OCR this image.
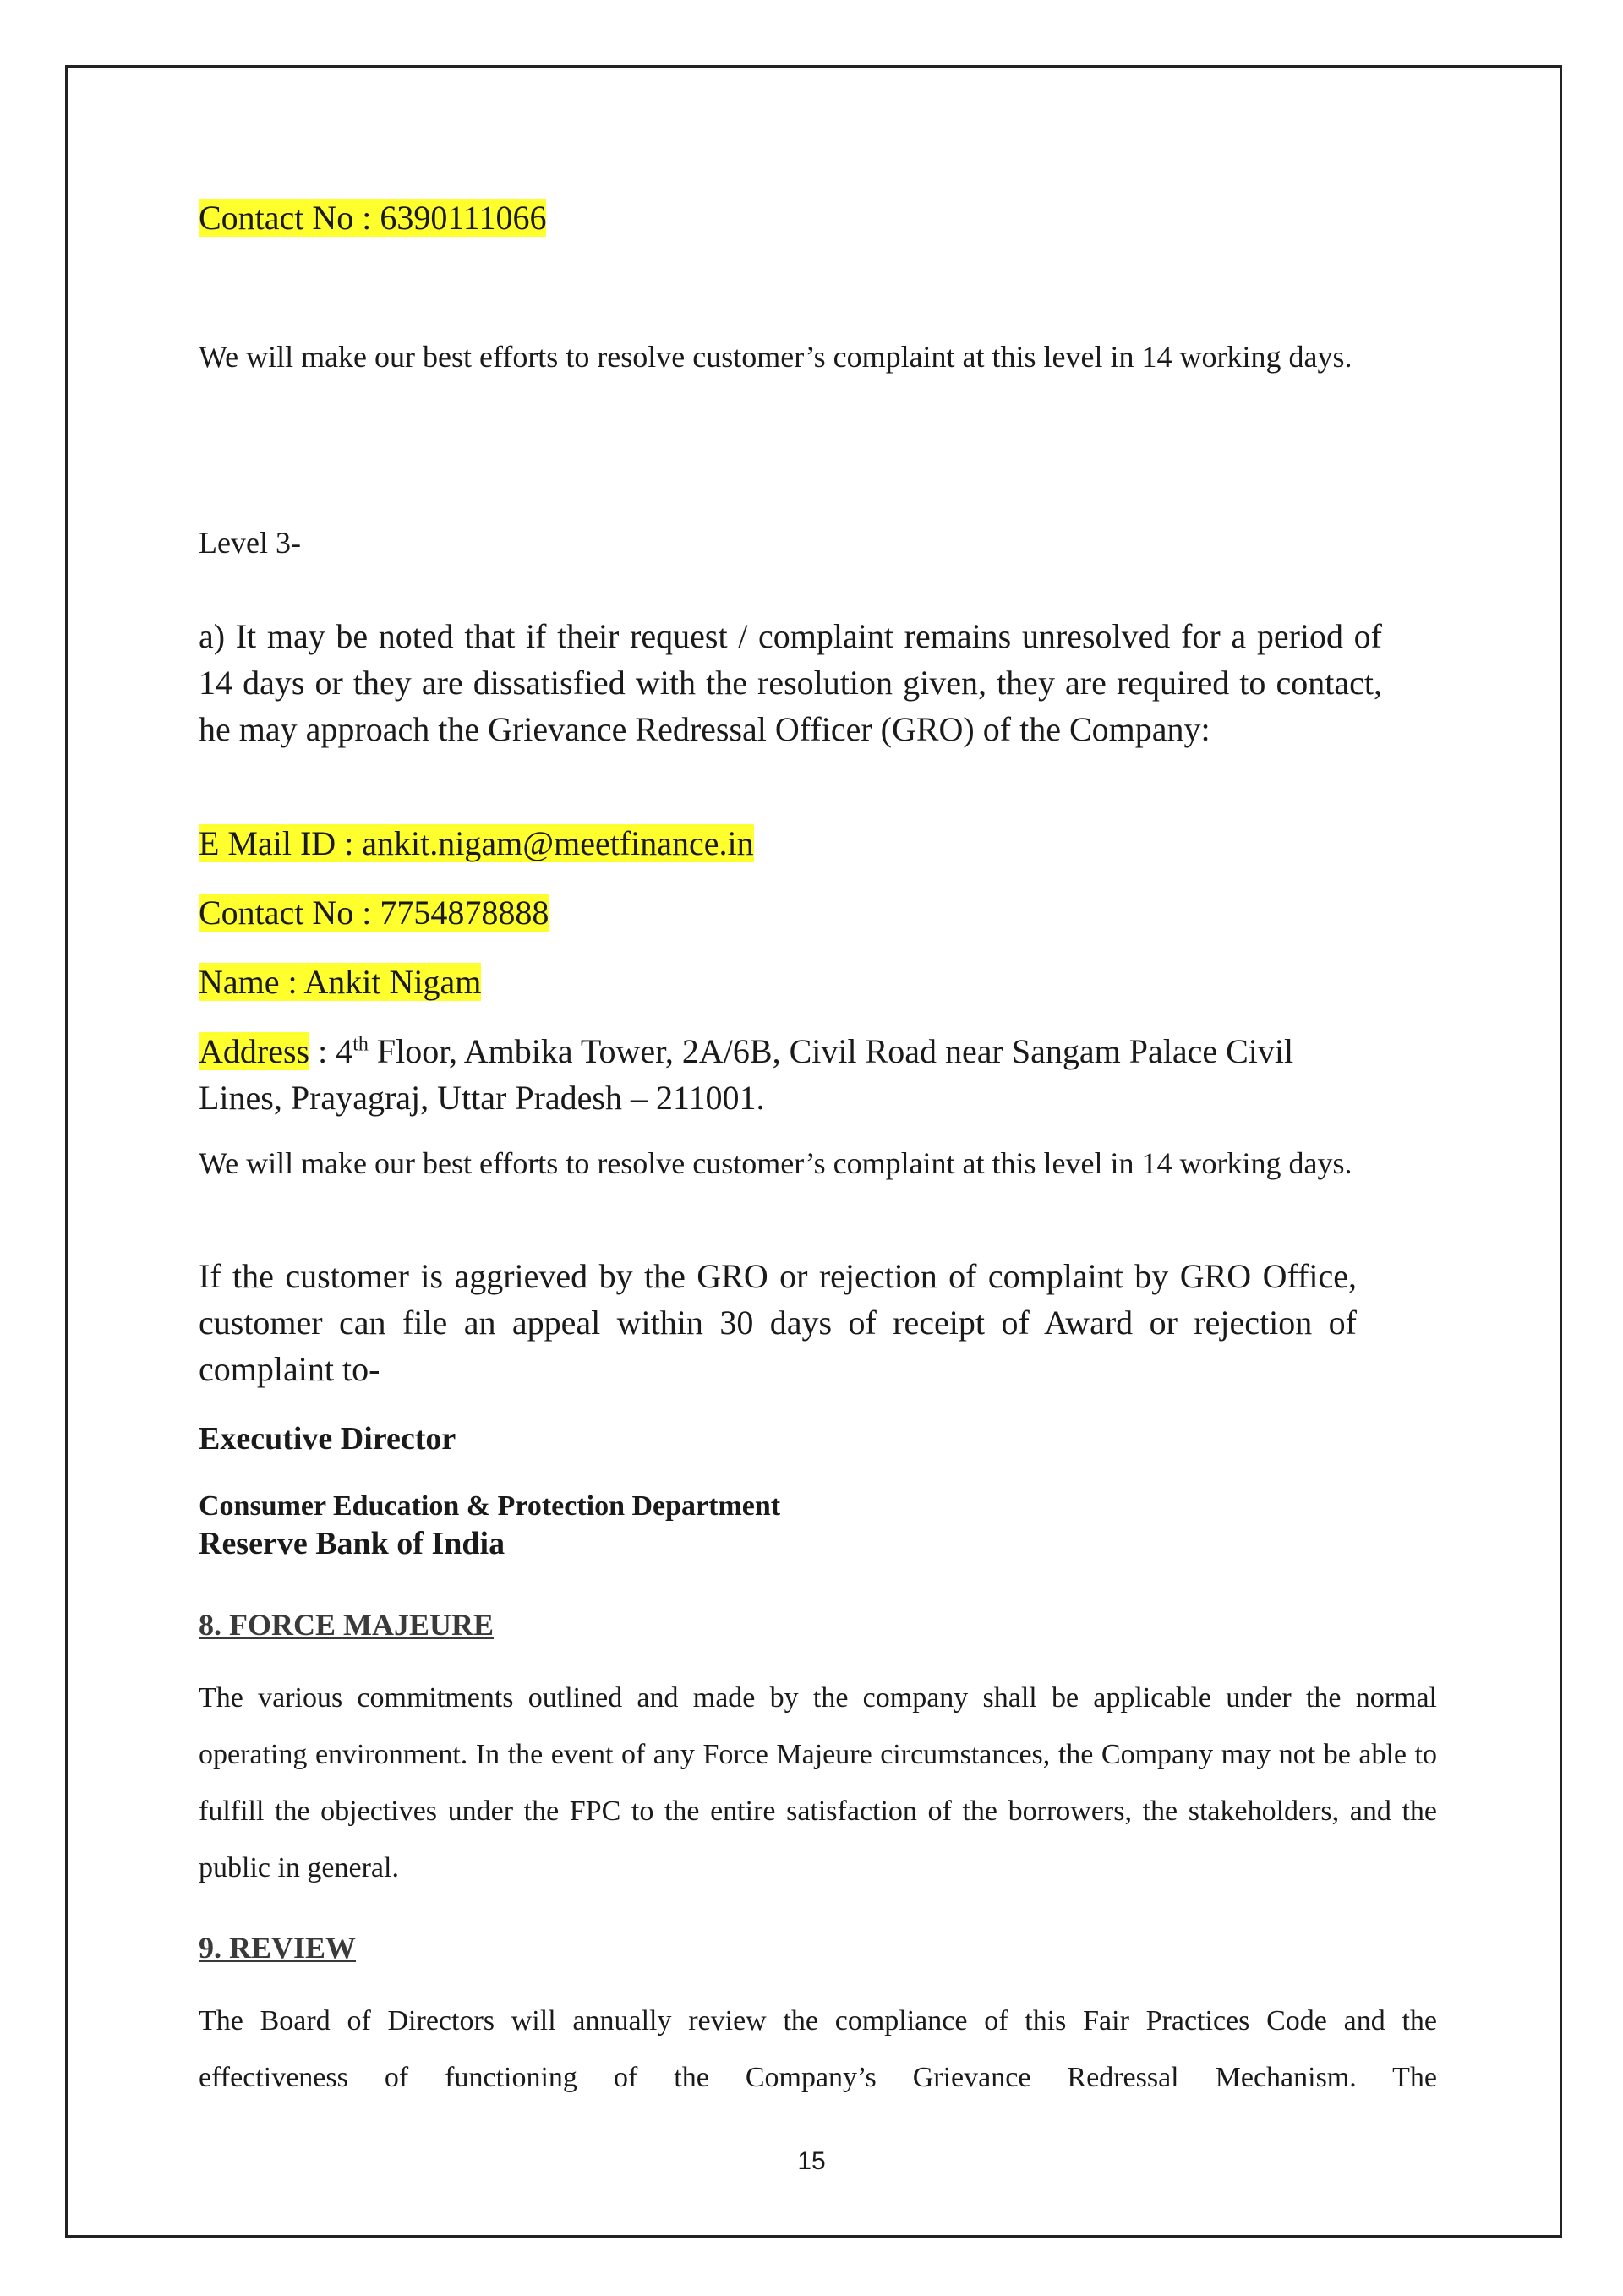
Contact No : 6390111066

We will make our best efforts to resolve customer’s complaint at this level in 14 working days.

Level 3-

a) It may be noted that if their request / complaint remains unresolved for a period of 14 days or they are dissatisfied with the resolution given, they are required to contact, he may approach the Grievance Redressal Officer (GRO) of the Company:

E Mail ID : ankit.nigam@meetfinance.in

Contact No : 7754878888

Name : Ankit Nigam

Address : 4th Floor, Ambika Tower, 2A/6B, Civil Road near Sangam Palace Civil Lines, Prayagraj, Uttar Pradesh – 211001.

We will make our best efforts to resolve customer’s complaint at this level in 14 working days.

If the customer is aggrieved by the GRO or rejection of complaint by GRO Office, customer can file an appeal within 30 days of receipt of Award or rejection of complaint to-

Executive Director

Consumer Education & Protection Department

Reserve Bank of India

8. FORCE MAJEURE

The various commitments outlined and made by the company shall be applicable under the normal operating environment. In the event of any Force Majeure circumstances, the Company may not be able to fulfill the objectives under the FPC to the entire satisfaction of the borrowers, the stakeholders, and the public in general.

9. REVIEW

The Board of Directors will annually review the compliance of this Fair Practices Code and the effectiveness of functioning of the Company’s Grievance Redressal Mechanism. The

15
